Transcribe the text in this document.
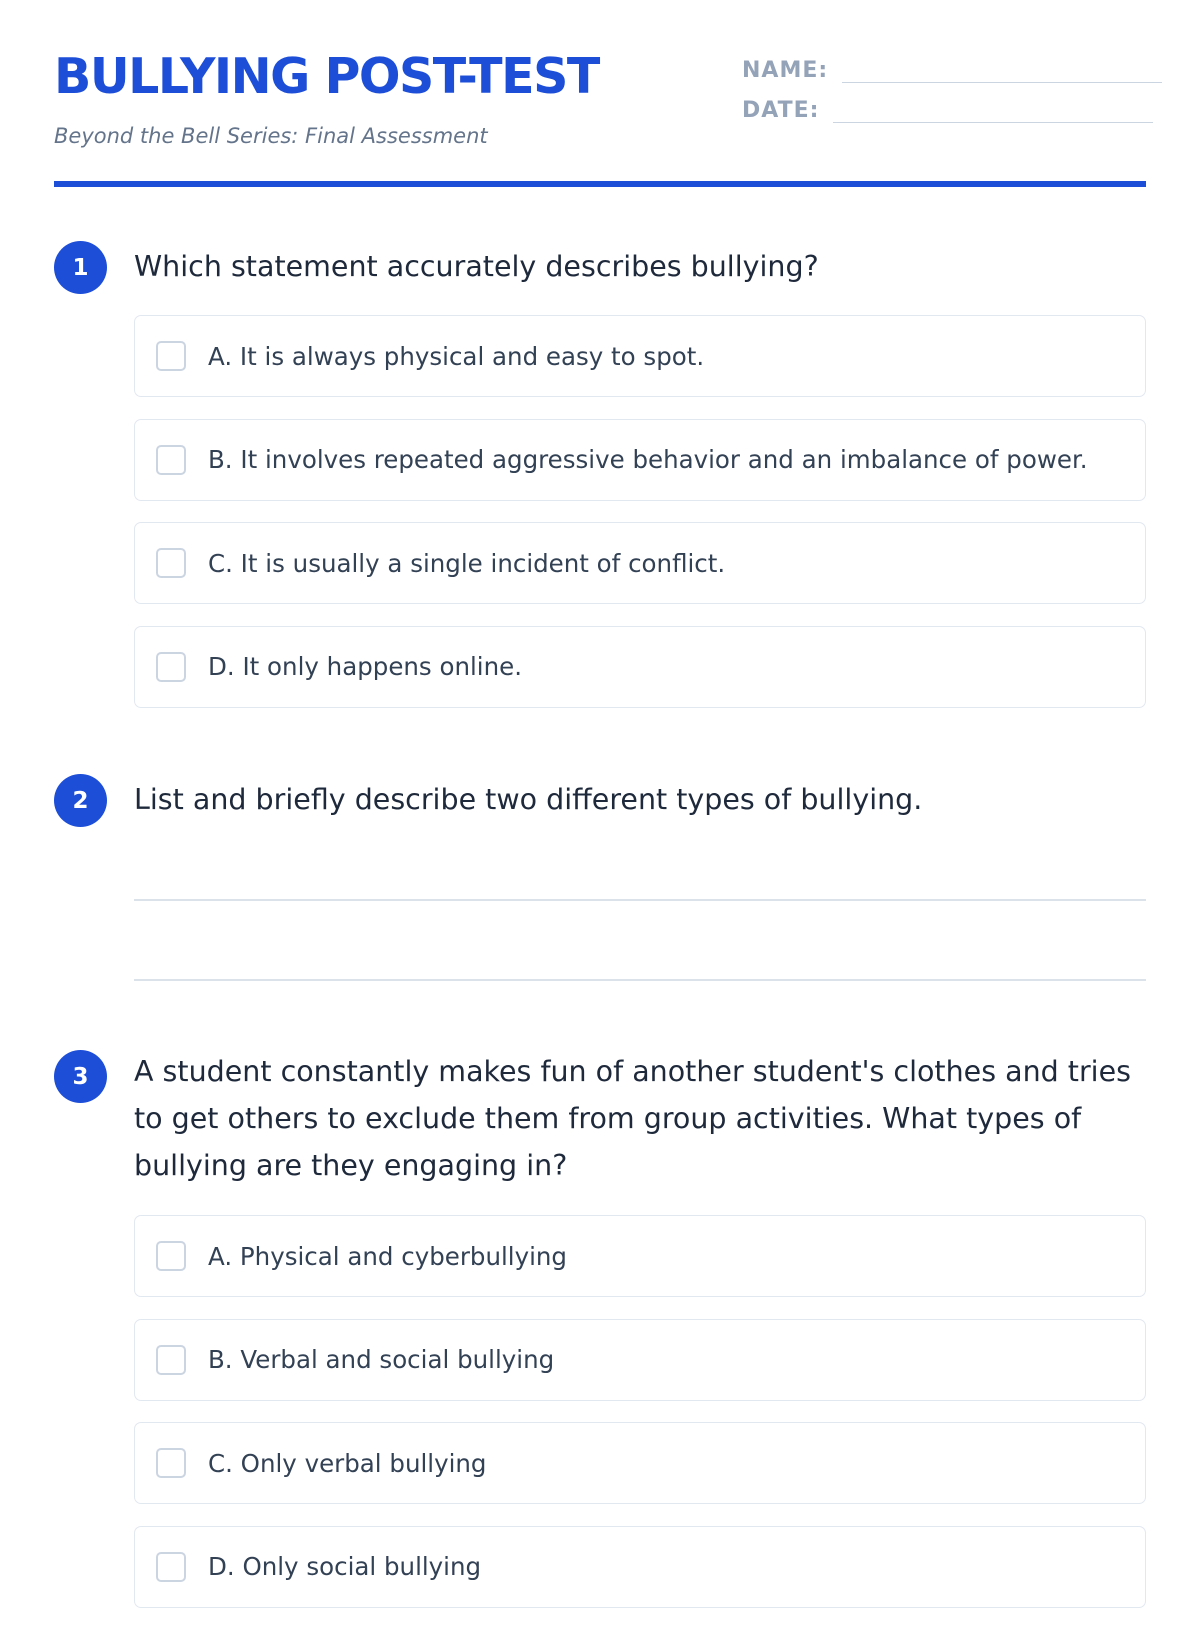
BULLYING POST-TEST
Beyond the Bell Series: Final Assessment
NAME:
DATE:
1	Which statement accurately describes bullying?

A. It is always physical and easy to spot.
B. It involves repeated aggressive behavior and an imbalance of power.
C. It is usually a single incident of conflict.
D. It only happens online.
2	List and briefly describe two different types of bullying.

3	A student constantly makes fun of another student's clothes and tries to get others to exclude them from group activities. What types of bullying are they engaging in?

A. Physical and cyberbullying
B. Verbal and social bullying
C. Only verbal bullying
D. Only social bullying
